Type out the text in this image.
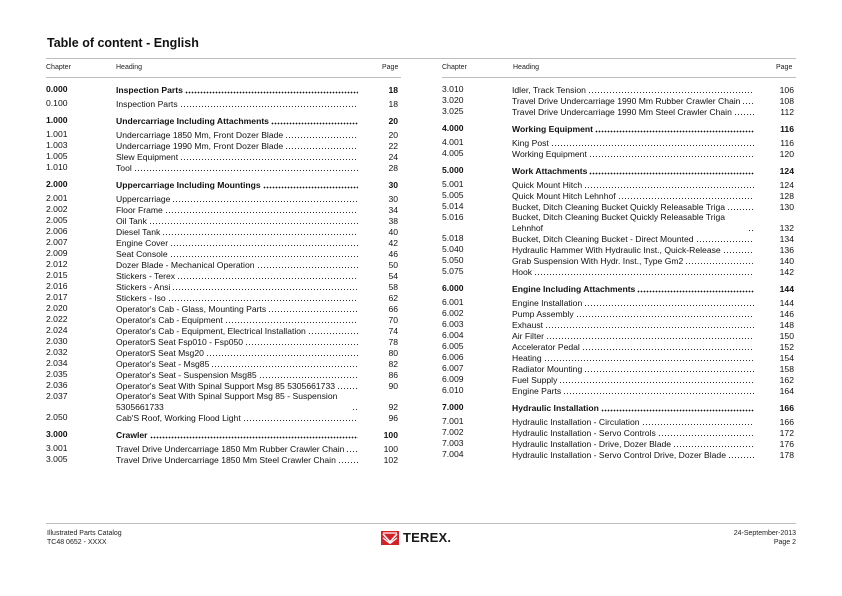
Table of content - English
Chapter	Heading	Page	Chapter	Heading	Page
0.000	Inspection Parts	18
0.100	Inspection Parts	18
1.000	Undercarriage Including Attachments	20
1.001	Undercarriage 1850 Mm, Front Dozer Blade	20
1.003	Undercarriage 1990 Mm, Front Dozer Blade	22
1.005	Slew Equipment	24
1.010	Tool	28
2.000	Uppercarriage Including Mountings	30
2.001	Uppercarriage	30
2.002	Floor Frame	34
2.005	Oil Tank	38
2.006	Diesel Tank	40
2.007	Engine Cover	42
2.009	Seat Console	46
2.012	Dozer Blade - Mechanical Operation	50
2.015	Stickers - Terex	54
2.016	Stickers - Ansi	58
2.017	Stickers - Iso	62
2.020	Operator's Cab - Glass, Mounting Parts	66
2.022	Operator's Cab - Equipment	70
2.024	Operator's Cab - Equipment, Electrical Installation	74
2.030	OperatorS Seat Fsp010 - Fsp050	78
2.032	OperatorS Seat Msg20	80
2.034	Operator's Seat - Msg85	82
2.035	Operator's Seat - Suspension Msg85	86
2.036	Operator's Seat With Spinal Support Msg 85 5305661733	90
2.037	Operator's Seat With Spinal Support Msg 85 - Suspension 5305661733	92
2.050	Cab'S Roof, Working Flood Light	96
3.000	Crawler	100
3.001	Travel Drive Undercarriage 1850 Mm Rubber Crawler Chain	100
3.005	Travel Drive Undercarriage 1850 Mm Steel Crawler Chain	102
3.010	Idler, Track Tension	106
3.020	Travel Drive Undercarriage 1990 Mm Rubber Crawler Chain	108
3.025	Travel Drive Undercarriage 1990 Mm Steel Crawler Chain	112
4.000	Working Equipment	116
4.001	King Post	116
4.005	Working Equipment	120
5.000	Work Attachments	124
5.001	Quick Mount Hitch	124
5.005	Quick Mount Hitch Lehnhof	128
5.014	Bucket, Ditch Cleaning Bucket Quickly Releasable Triga	130
5.016	Bucket, Ditch Cleaning Bucket Quickly Releasable Triga Lehnhof	132
5.018	Bucket, Ditch Cleaning Bucket - Direct Mounted	134
5.040	Hydraulic Hammer With Hydraulic Inst., Quick-Release	136
5.050	Grab Suspension With Hydr. Inst., Type Gm2	140
5.075	Hook	142
6.000	Engine Including Attachments	144
6.001	Engine Installation	144
6.002	Pump Assembly	146
6.003	Exhaust	148
6.004	Air Filter	150
6.005	Accelerator Pedal	152
6.006	Heating	154
6.007	Radiator Mounting	158
6.009	Fuel Supply	162
6.010	Engine Parts	164
7.000	Hydraulic Installation	166
7.001	Hydraulic Installation - Circulation	166
7.002	Hydraulic Installation - Servo Controls	172
7.003	Hydraulic Installation - Drive, Dozer Blade	176
7.004	Hydraulic Installation - Servo Control Drive, Dozer Blade	178
Illustrated Parts Catalog
TC48 0652 - XXXX	TEREX.	24-September-2013
Page 2
